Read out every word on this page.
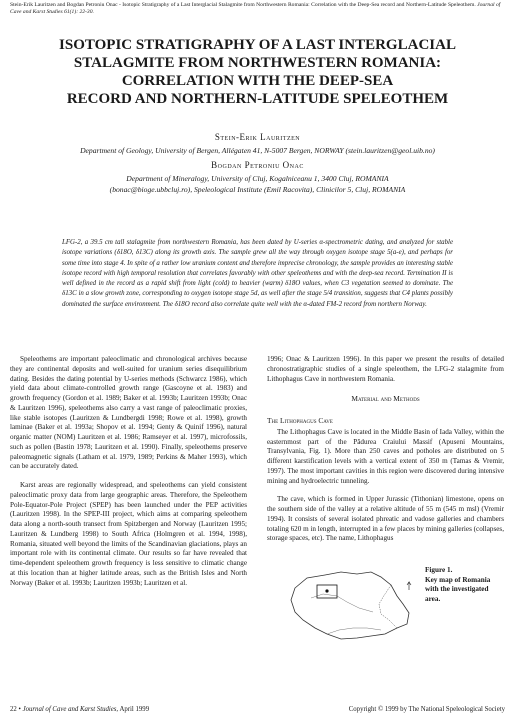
Stein-Erik Lauritzen and Bogdan Petroniu Onac - Isotopic Stratigraphy of a Last Interglacial Stalagmite from Northwestern Romania: Correlation with the Deep-Sea record and Northern-Latitude Speleothem. Journal of Cave and Karst Studies 61(1): 22-30.
ISOTOPIC STRATIGRAPHY OF A LAST INTERGLACIAL
STALAGMITE FROM NORTHWESTERN ROMANIA:
CORRELATION WITH THE DEEP-SEA
RECORD AND NORTHERN-LATITUDE SPELEOTHEM
Stein-Erik Lauritzen
Department of Geology, University of Bergen, Allégaten 41, N-5007 Bergen, NORWAY (stein.lauritzen@geol.uib.no)
Bogdan Petroniu Onac
Department of Mineralogy, University of Cluj, Kogalniceanu 1, 3400 Cluj, ROMANIA
(bonac@bioge.ubbcluj.ro), Speleological Institute (Emil Racovita), Clinicilor 5, Cluj, ROMANIA
LFG-2, a 39.5 cm tall stalagmite from northwestern Romania, has been dated by U-series α-spectrometric dating, and analyzed for stable isotope variations (δ18O, δ13C) along its growth axis. The sample grew all the way through oxygen isotope stage 5(a-e), and perhaps for some time into stage 4. In spite of a rather low uranium content and therefore imprecise chronology, the sample provides an interesting stable isotope record with high temporal resolution that correlates favorably with other speleothems and with the deep-sea record. Termination II is well defined in the record as a rapid shift from light (cold) to heavier (warm) δ18O values, when C3 vegetation seemed to dominate. The δ13C in a slow growth zone, corresponding to oxygen isotope stage 5d, as well after the stage 5/4 transition, suggests that C4 plants possibly dominated the surface environment. The δ18O record also correlate quite well with the α-dated FM-2 record from northern Norway.

Speleothems are important paleoclimatic and chronological archives because they are continental deposits and well-suited for uranium series disequilibrium dating. Besides the dating potential by U-series methods (Schwarcz 1986), which yield data about climate-controlled growth range (Gascoyne et al. 1983) and growth frequency (Gordon et al. 1989; Baker et al. 1993b; Lauritzen 1993b; Onac & Lauritzen 1996), speleothems also carry a vast range of paleoclimatic proxies, like stable isotopes (Lauritzen & Lundbergdi 1998; Rowe et al. 1998), growth laminae (Baker et al. 1993a; Shopov et al. 1994; Genty & Quinif 1996), natural organic matter (NOM) Lauritzen et al. 1986; Ramseyer et al. 1997), microfossils, such as pollen (Bastin 1978; Lauritzen et al. 1990). Finally, speleothems preserve paleomagnetic signals (Latham et al. 1979, 1989; Perkins & Maher 1993), which can be accurately dated.

Karst areas are regionally widespread, and speleothems can yield consistent paleoclimatic proxy data from large geographic areas. Therefore, the Speleothem Pole-Equator-Pole Project (SPEP) has been launched under the PEP activities (Lauritzen 1998). In the SPEP-III project, which aims at comparing speleothem data along a north-south transect from Spitzbergen and Norway (Lauritzen 1995; Lauritzen & Lundberg 1998) to South Africa (Holmgren et al. 1994, 1998), Romania, situated well beyond the limits of the Scandinavian glaciations, plays an important role with its continental climate. Our results so far have revealed that time-dependent speleothem growth frequency is less sensitive to climatic change at this location than at higher latitude areas, such as the British Isles and North Norway (Baker et al. 1993b; Lauritzen 1993b; Lauritzen et al.

1996; Onac & Lauritzen 1996). In this paper we present the results of detailed chronostratigraphic studies of a single speleothem, the LFG-2 stalagmite from Lithophagus Cave in northwestern Romania.

Material and Methods
The Lithophagus Cave

The Lithophagus Cave is located in the Middle Basin of Iada Valley, within the easternmost part of the Pădurea Craiului Massif (Apuseni Mountains, Transylvania, Fig. 1). More than 250 caves and potholes are distributed on 5 different karstification levels with a vertical extent of 350 m (Tamas & Vremir, 1997). The most important cavities in this region were discovered during intensive mining and hydroelectric tunneling.

The cave, which is formed in Upper Jurassic (Tithonian) limestone, opens on the southern side of the valley at a relative altitude of 55 m (545 m msl) (Vremir 1994). It consists of several isolated phreatic and vadose galleries and chambers totaling 620 m in length, interrupted in a few places by mining galleries (collapses, storage spaces, etc). The name, Lithophagus

Figure 1.
Key map of Romania with the investigated area.
22 • Journal of Cave and Karst Studies, April 1999	Copyright © 1999 by The National Speleological Society
